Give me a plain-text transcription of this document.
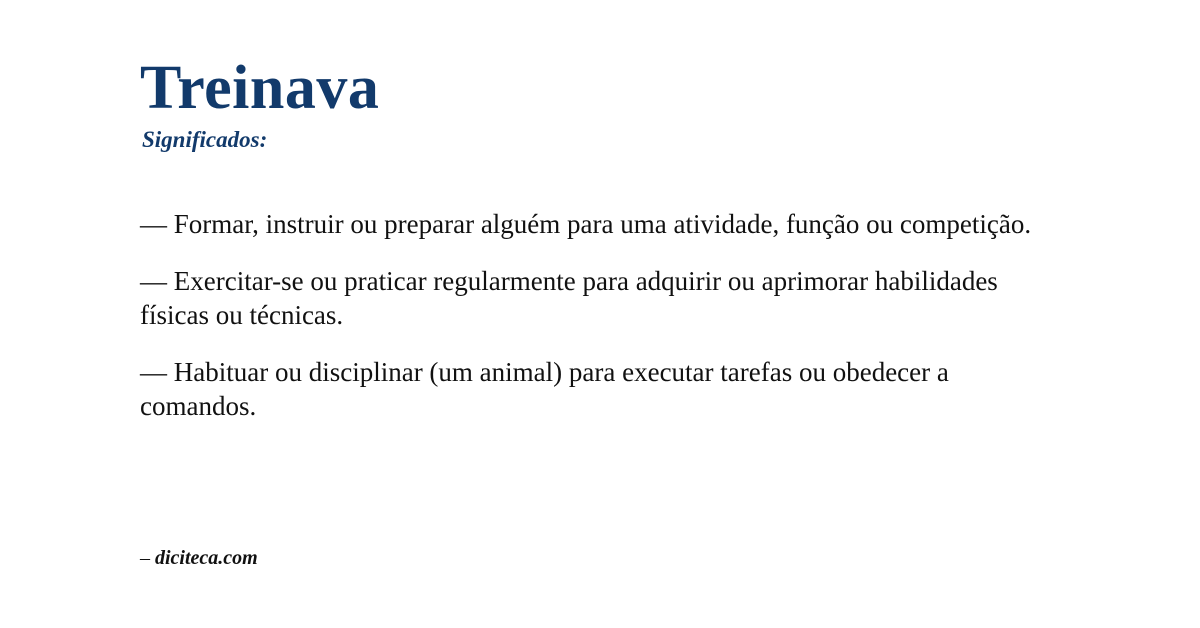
Treinava
Significados:

— Formar, instruir ou preparar alguém para uma atividade, função ou competição.

— Exercitar-se ou praticar regularmente para adquirir ou aprimorar habilidades físicas ou técnicas.

— Habituar ou disciplinar (um animal) para executar tarefas ou obedecer a comandos.

– diciteca.com
